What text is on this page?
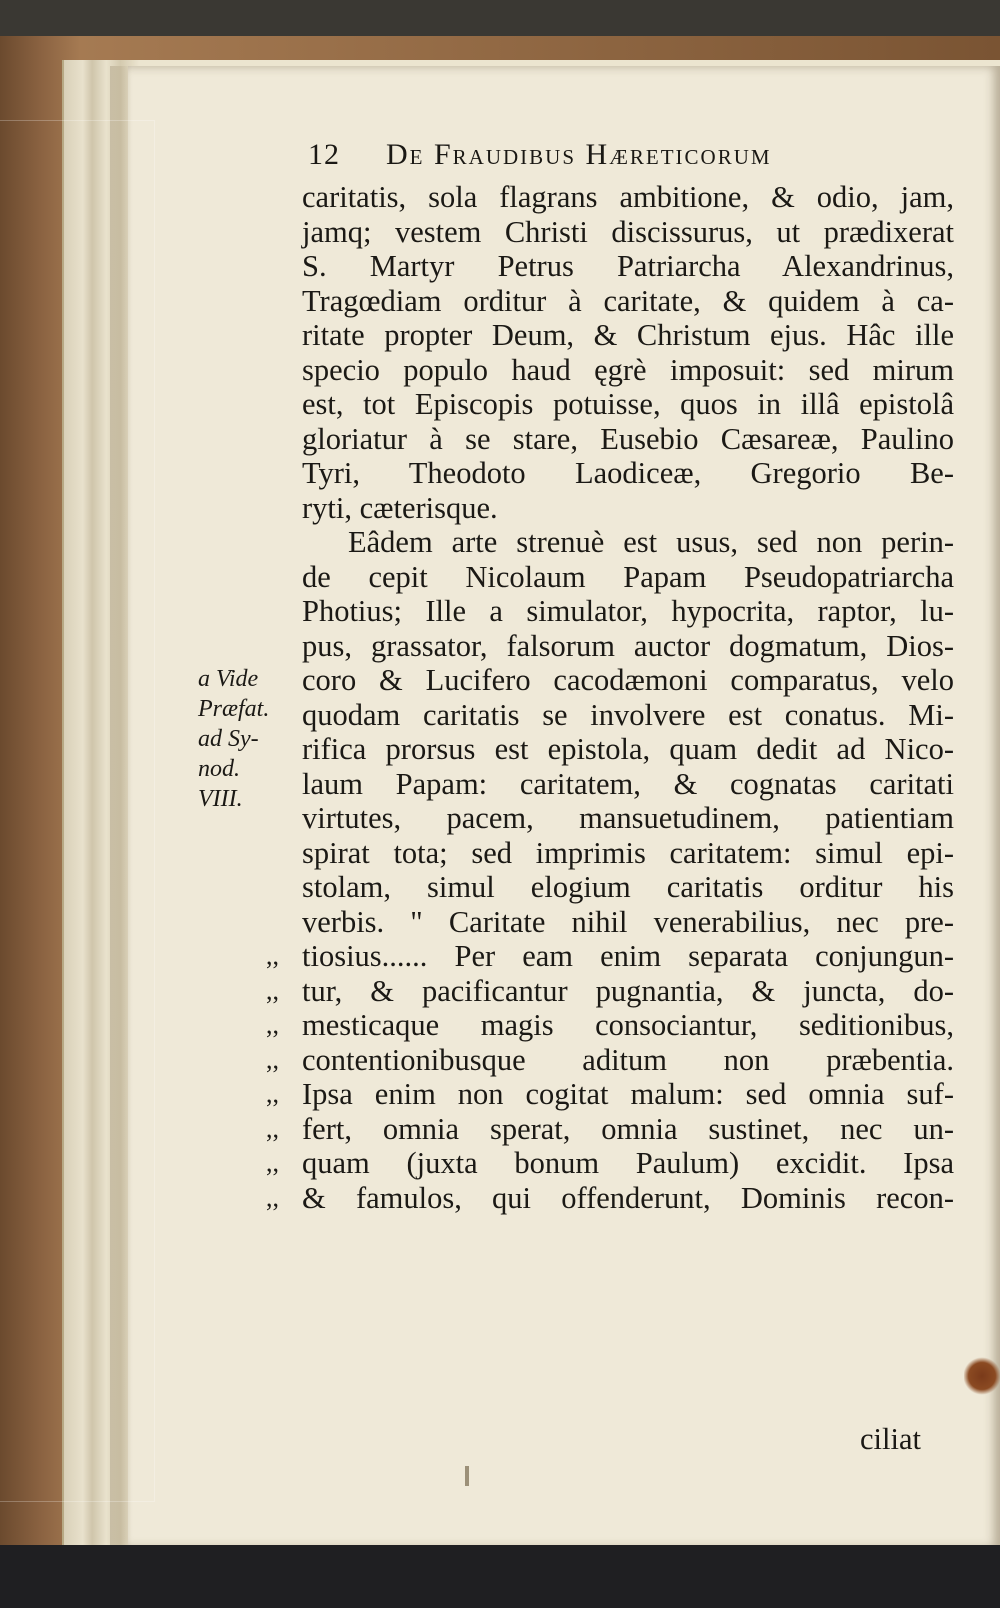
12 De Fraudibus Hæreticorum
a Vide
Præfat.
ad Sy-
nod.
VIII.
caritatis, sola flagrans ambitione, & odio, jam,
jamq; vestem Christi discissurus, ut prædixerat
S. Martyr Petrus Patriarcha Alexandrinus,
Tragœdiam orditur à caritate, & quidem à ca-
ritate propter Deum, & Christum ejus. Hâc ille
specio populo haud ęgrè imposuit: sed mirum
est, tot Episcopis potuisse, quos in illâ epistolâ
gloriatur à se stare, Eusebio Cæsareæ, Paulino
Tyri, Theodoto Laodiceæ, Gregorio Be-
ryti, cæterisque.
Eâdem arte strenuè est usus, sed non perin-
de cepit Nicolaum Papam Pseudopatriarcha
Photius; Ille a simulator, hypocrita, raptor, lu-
pus, grassator, falsorum auctor dogmatum, Dios-
coro & Lucifero cacodæmoni comparatus, velo
quodam caritatis se involvere est conatus. Mi-
rifica prorsus est epistola, quam dedit ad Nico-
laum Papam: caritatem, & cognatas caritati
virtutes, pacem, mansuetudinem, patientiam
spirat tota; sed imprimis caritatem: simul epi-
stolam, simul elogium caritatis orditur his
verbis. " Caritate nihil venerabilius, nec pre-
,, tiosius...... Per eam enim separata conjungun-
,, tur, & pacificantur pugnantia, & juncta, do-
,, mesticaque magis consociantur, seditionibus,
,, contentionibusque aditum non præbentia.
,, Ipsa enim non cogitat malum: sed omnia suf-
,, fert, omnia sperat, omnia sustinet, nec un-
,, quam (juxta bonum Paulum) excidit. Ipsa
,, & famulos, qui offenderunt, Dominis recon-
ciliat
